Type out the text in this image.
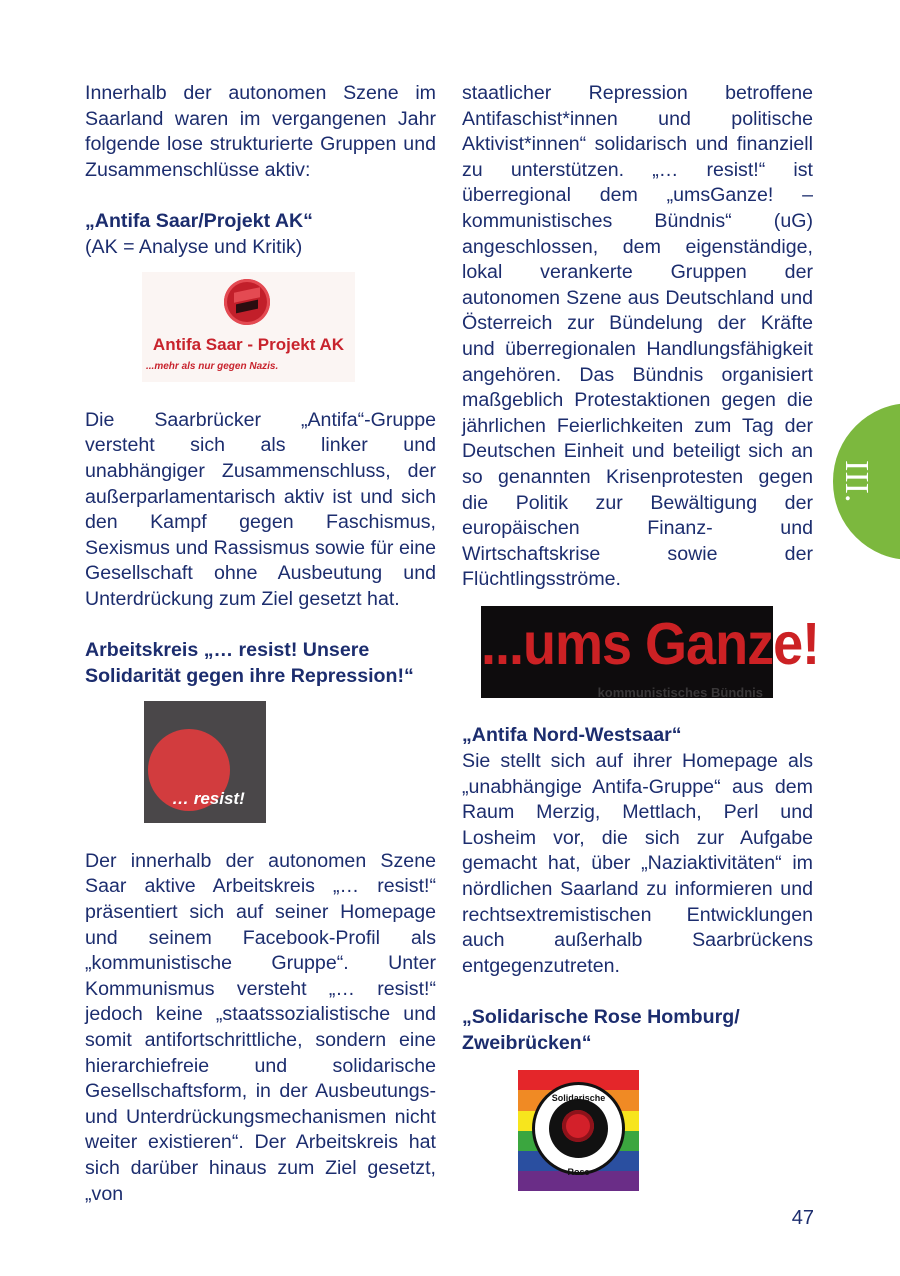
Innerhalb der autonomen Szene im Saarland waren im vergangenen Jahr folgende lose strukturierte Gruppen und Zusammenschlüsse aktiv:

„Antifa Saar/Projekt AK“

(AK = Analyse und Kritik)

Antifa Saar - Projekt AK
...mehr als nur gegen Nazis.

Die Saarbrücker „Antifa“-Gruppe versteht sich als linker und unabhängiger Zusammenschluss, der außerparlamentarisch aktiv ist und sich den Kampf gegen Faschismus, Sexismus und Rassismus sowie für eine Gesellschaft ohne Ausbeutung und Unterdrückung zum Ziel gesetzt hat.

Arbeitskreis „… resist! Unsere Solidarität gegen ihre Repression!“
… resist!

Der innerhalb der autonomen Szene Saar aktive Arbeitskreis „… resist!“ präsentiert sich auf seiner Homepage und seinem Facebook-Profil als „kommunistische Gruppe“. Unter Kommunismus versteht „… resist!“ jedoch keine „staatssozialistische und somit antifortschrittliche, sondern eine hierarchiefreie und solidarische Gesellschaftsform, in der Ausbeutungs- und Unterdrückungsmechanismen nicht weiter existieren“. Der Arbeitskreis hat sich darüber hinaus zum Ziel gesetzt, „von

staatlicher Repression betroffene Antifaschist*innen und politische Aktivist*innen“ solidarisch und finanziell zu unterstützen. „… resist!“ ist überregional dem „umsGanze! – kommunistisches Bündnis“ (uG) angeschlossen, dem eigenständige, lokal verankerte Gruppen der autonomen Szene aus Deutschland und Österreich zur Bündelung der Kräfte und überregionalen Handlungsfähigkeit angehören. Das Bündnis organisiert maßgeblich Protestaktionen gegen die jährlichen Feierlichkeiten zum Tag der Deutschen Einheit und beteiligt sich an so genannten Krisenprotesten gegen die Politik zur Bewältigung der europäischen Finanz- und Wirtschaftskrise sowie der Flüchtlingsströme.

...ums Ganze!
kommunistisches Bündnis
„Antifa Nord-Westsaar“

Sie stellt sich auf ihrer Homepage als „unabhängige Antifa-Gruppe“ aus dem Raum Merzig, Mettlach, Perl und Losheim vor, die sich zur Aufgabe gemacht hat, über „Naziaktivitäten“ im nördlichen Saarland zu informieren und rechtsextremistischen Entwicklungen auch außerhalb Saarbrückens entgegenzutreten.

„Solidarische Rose Homburg/ Zweibrücken“
Solidarische
Rose
III.
47
